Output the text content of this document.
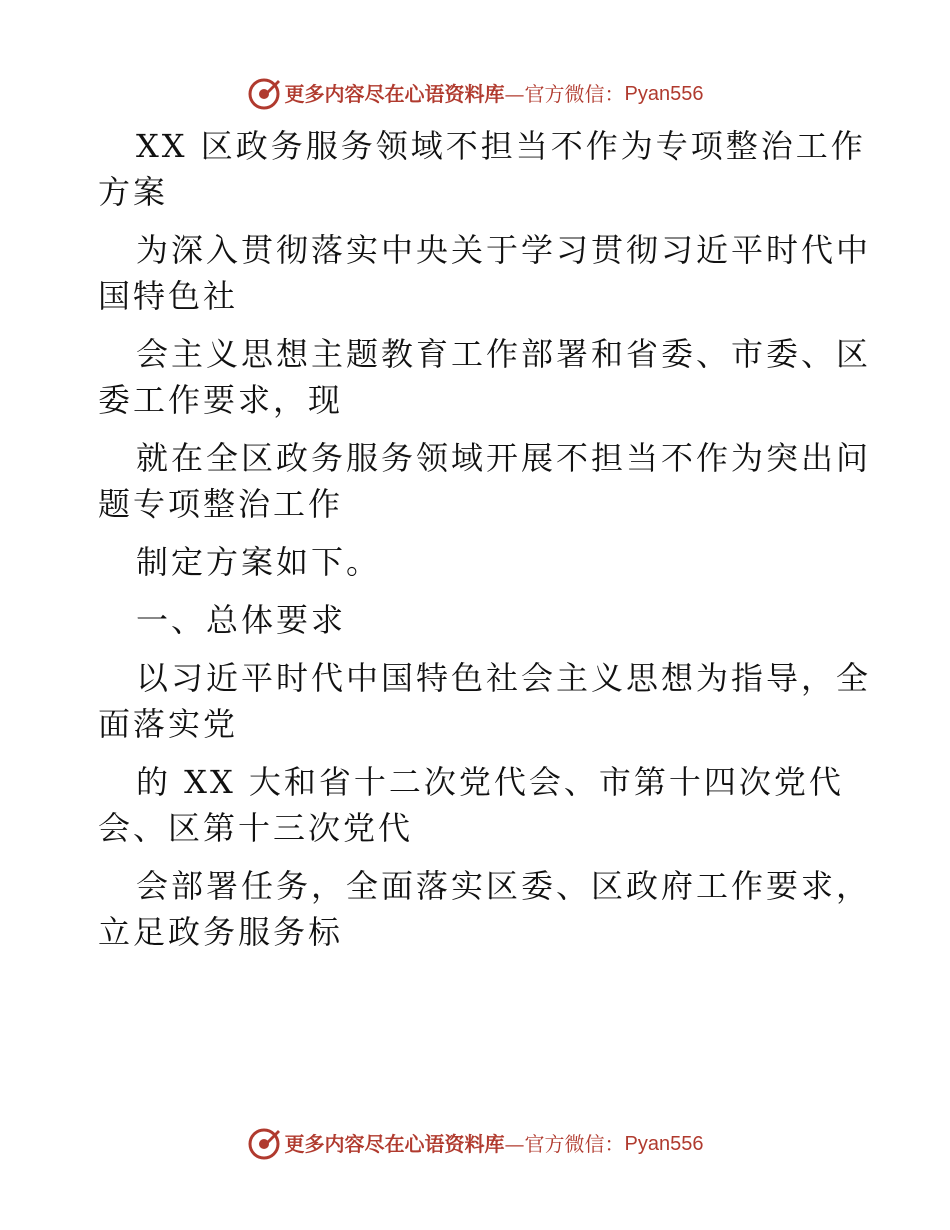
更多内容尽在心语资料库 —官方微信： Pyan556
XX 区政务服务领域不担当不作为专项整治工作
方案
为深入贯彻落实中央关于学习贯彻习近平时代中
国特色社
会主义思想主题教育工作部署和省委、市委、区
委工作要求，现
就在全区政务服务领域开展不担当不作为突出问
题专项整治工作
制定方案如下。
一、总体要求
以习近平时代中国特色社会主义思想为指导，全
面落实党
的 XX 大和省十二次党代会、市第十四次党代
会、区第十三次党代
会部署任务，全面落实区委、区政府工作要求，
立足政务服务标
更多内容尽在心语资料库 —官方微信： Pyan556
